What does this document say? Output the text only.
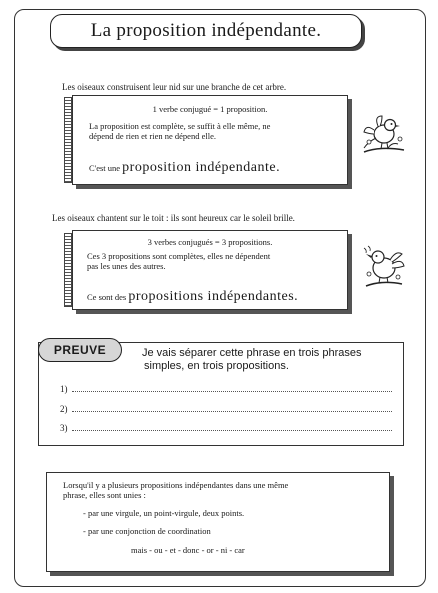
La proposition indépendante.
Les oiseaux construisent leur nid sur une branche de cet arbre.
1 verbe conjugué = 1 proposition.
La proposition est complète, se suffit à elle même, ne
dépend de rien et rien ne dépend elle.
C'est une proposition indépendante.
Les oiseaux chantent sur le toit : ils sont heureux car le soleil brille.
3 verbes conjugués = 3 propositions.
Ces 3 propositions sont complètes, elles ne dépendent
pas les unes des autres.
Ce sont des propositions indépendantes.
PREUVE	Je vais séparer cette phrase en trois phrases
simples, en trois propositions.
1)
2)
3)
Lorsqu'il y a plusieurs propositions indépendantes dans une même
phrase, elles sont unies :
- par une virgule, un point-virgule, deux points.
- par une conjonction de coordination
mais - ou - et - donc - or - ni - car
